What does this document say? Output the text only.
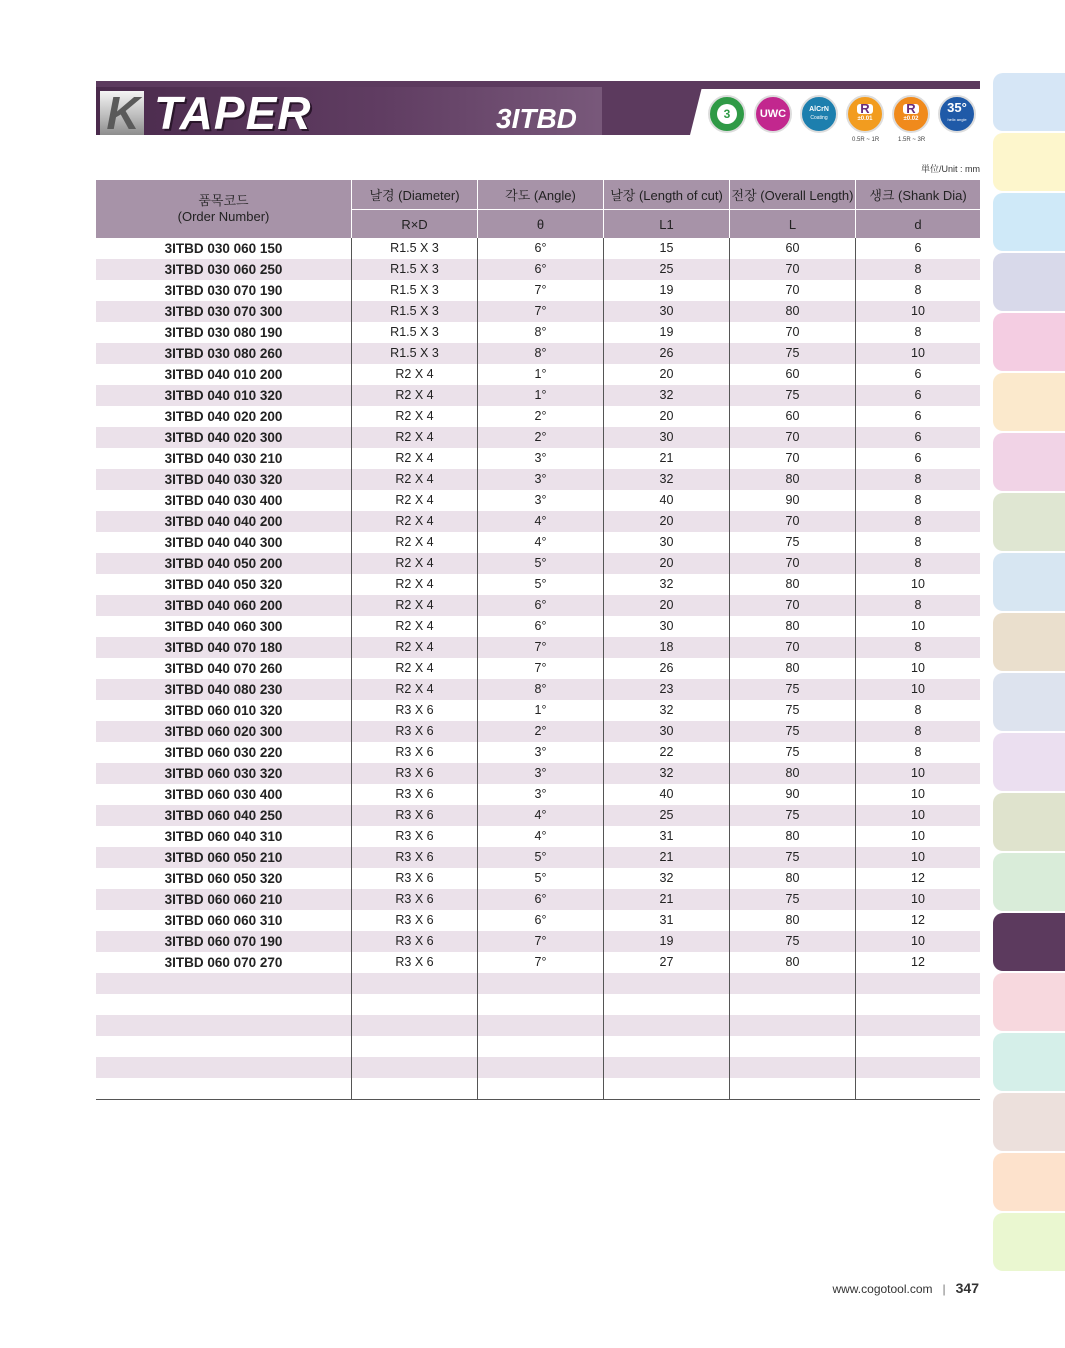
K TAPER	3ITBD	3	UWC	AlCrN
Coating
R
±0.01
R
±0.02
35°
helix angle
0.5R ~ 1R	1.5R ~ 3R
単位/Unit : mm
품목코드
(Order Number)
날경 (Diameter)	각도 (Angle)	날장 (Length of cut) 전장 (Overall Length)	생크 (Shank Dia)
R×D	θ	L1	L	d
3ITBD 030 060 150	R1.5 X 3	6°	15	60	6
3ITBD 030 060 250	R1.5 X 3	6°	25	70	8
3ITBD 030 070 190	R1.5 X 3	7°	19	70	8
3ITBD 030 070 300	R1.5 X 3	7°	30	80	10
3ITBD 030 080 190	R1.5 X 3	8°	19	70	8
3ITBD 030 080 260	R1.5 X 3	8°	26	75	10
3ITBD 040 010 200	R2 X 4	1°	20	60	6
3ITBD 040 010 320	R2 X 4	1°	32	75	6
3ITBD 040 020 200	R2 X 4	2°	20	60	6
3ITBD 040 020 300	R2 X 4	2°	30	70	6
3ITBD 040 030 210	R2 X 4	3°	21	70	6
3ITBD 040 030 320	R2 X 4	3°	32	80	8
3ITBD 040 030 400	R2 X 4	3°	40	90	8
3ITBD 040 040 200	R2 X 4	4°	20	70	8
3ITBD 040 040 300	R2 X 4	4°	30	75	8
3ITBD 040 050 200	R2 X 4	5°	20	70	8
3ITBD 040 050 320	R2 X 4	5°	32	80	10
3ITBD 040 060 200	R2 X 4	6°	20	70	8
3ITBD 040 060 300	R2 X 4	6°	30	80	10
3ITBD 040 070 180	R2 X 4	7°	18	70	8
3ITBD 040 070 260	R2 X 4	7°	26	80	10
3ITBD 040 080 230	R2 X 4	8°	23	75	10
3ITBD 060 010 320	R3 X 6	1°	32	75	8
3ITBD 060 020 300	R3 X 6	2°	30	75	8
3ITBD 060 030 220	R3 X 6	3°	22	75	8
3ITBD 060 030 320	R3 X 6	3°	32	80	10
3ITBD 060 030 400	R3 X 6	3°	40	90	10
3ITBD 060 040 250	R3 X 6	4°	25	75	10
3ITBD 060 040 310	R3 X 6	4°	31	80	10
3ITBD 060 050 210	R3 X 6	5°	21	75	10
3ITBD 060 050 320	R3 X 6	5°	32	80	12
3ITBD 060 060 210	R3 X 6	6°	21	75	10
3ITBD 060 060 310	R3 X 6	6°	31	80	12
3ITBD 060 070 190	R3 X 6	7°	19	75	10
3ITBD 060 070 270	R3 X 6	7°	27	80	12
www.cogotool.com | 347
